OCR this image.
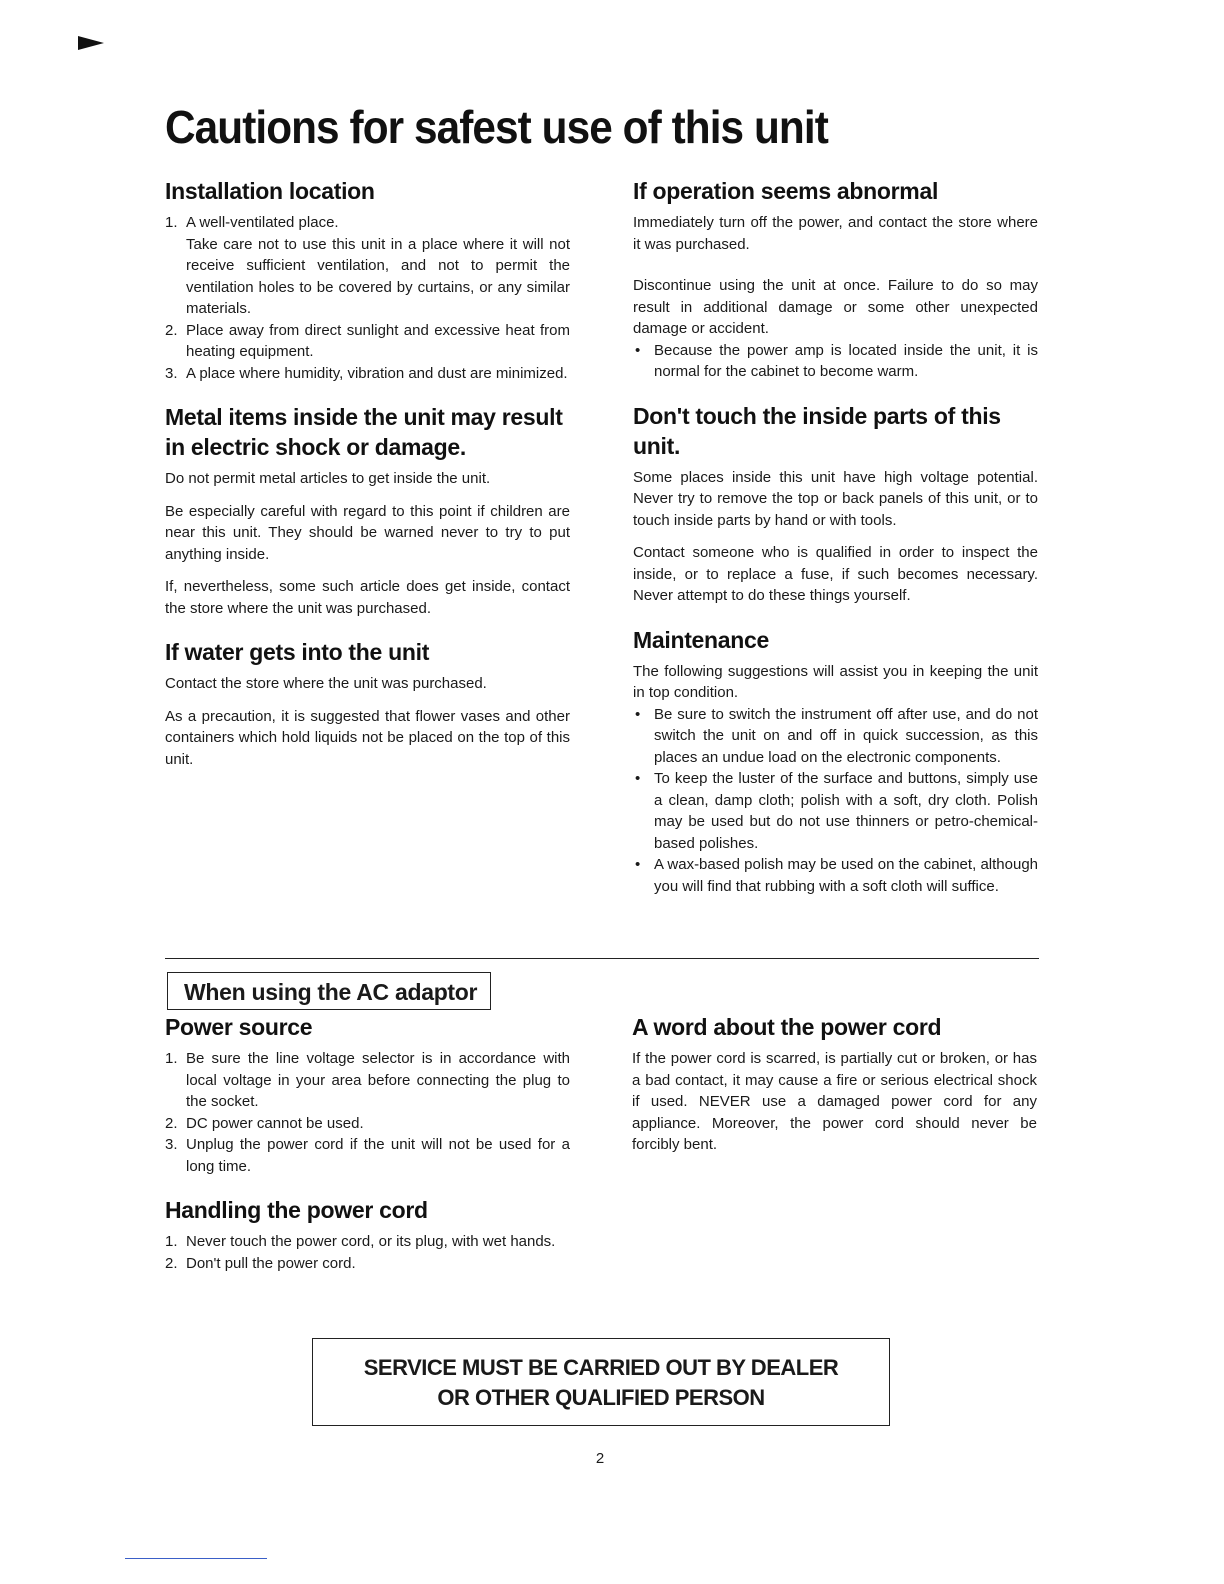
Cautions for safest use of this unit
Installation location
1. A well-ventilated place.
Take care not to use this unit in a place where it will not receive sufficient ventilation, and not to permit the ventilation holes to be covered by curtains, or any similar materials.
2. Place away from direct sunlight and excessive heat from heating equipment.
3. A place where humidity, vibration and dust are minimized.
Metal items inside the unit may result in electric shock or damage.

Do not permit metal articles to get inside the unit.

Be especially careful with regard to this point if children are near this unit. They should be warned never to try to put anything inside.

If, nevertheless, some such article does get inside, contact the store where the unit was purchased.

If water gets into the unit

Contact the store where the unit was purchased.

As a precaution, it is suggested that flower vases and other containers which hold liquids not be placed on the top of this unit.

If operation seems abnormal

Immediately turn off the power, and contact the store where it was purchased.

Discontinue using the unit at once. Failure to do so may result in additional damage or some other unexpected damage or accident.

• Because the power amp is located inside the unit, it is normal for the cabinet to become warm.
Don't touch the inside parts of this unit.

Some places inside this unit have high voltage potential. Never try to remove the top or back panels of this unit, or to touch inside parts by hand or with tools.

Contact someone who is qualified in order to inspect the inside, or to replace a fuse, if such becomes necessary. Never attempt to do these things yourself.

Maintenance

The following suggestions will assist you in keeping the unit in top condition.

• Be sure to switch the instrument off after use, and do not switch the unit on and off in quick succession, as this places an undue load on the electronic components.
• To keep the luster of the surface and buttons, simply use a clean, damp cloth; polish with a soft, dry cloth. Polish may be used but do not use thinners or petro-chemical-based polishes.
• A wax-based polish may be used on the cabinet, although you will find that rubbing with a soft cloth will suffice.
When using the AC adaptor
Power source
1. Be sure the line voltage selector is in accordance with local voltage in your area before connecting the plug to the socket.
2. DC power cannot be used.
3. Unplug the power cord if the unit will not be used for a long time.
Handling the power cord
1. Never touch the power cord, or its plug, with wet hands.
2. Don't pull the power cord.
A word about the power cord

If the power cord is scarred, is partially cut or broken, or has a bad contact, it may cause a fire or serious electrical shock if used. NEVER use a damaged power cord for any appliance. Moreover, the power cord should never be forcibly bent.

SERVICE MUST BE CARRIED OUT BY DEALER
OR OTHER QUALIFIED PERSON
2
